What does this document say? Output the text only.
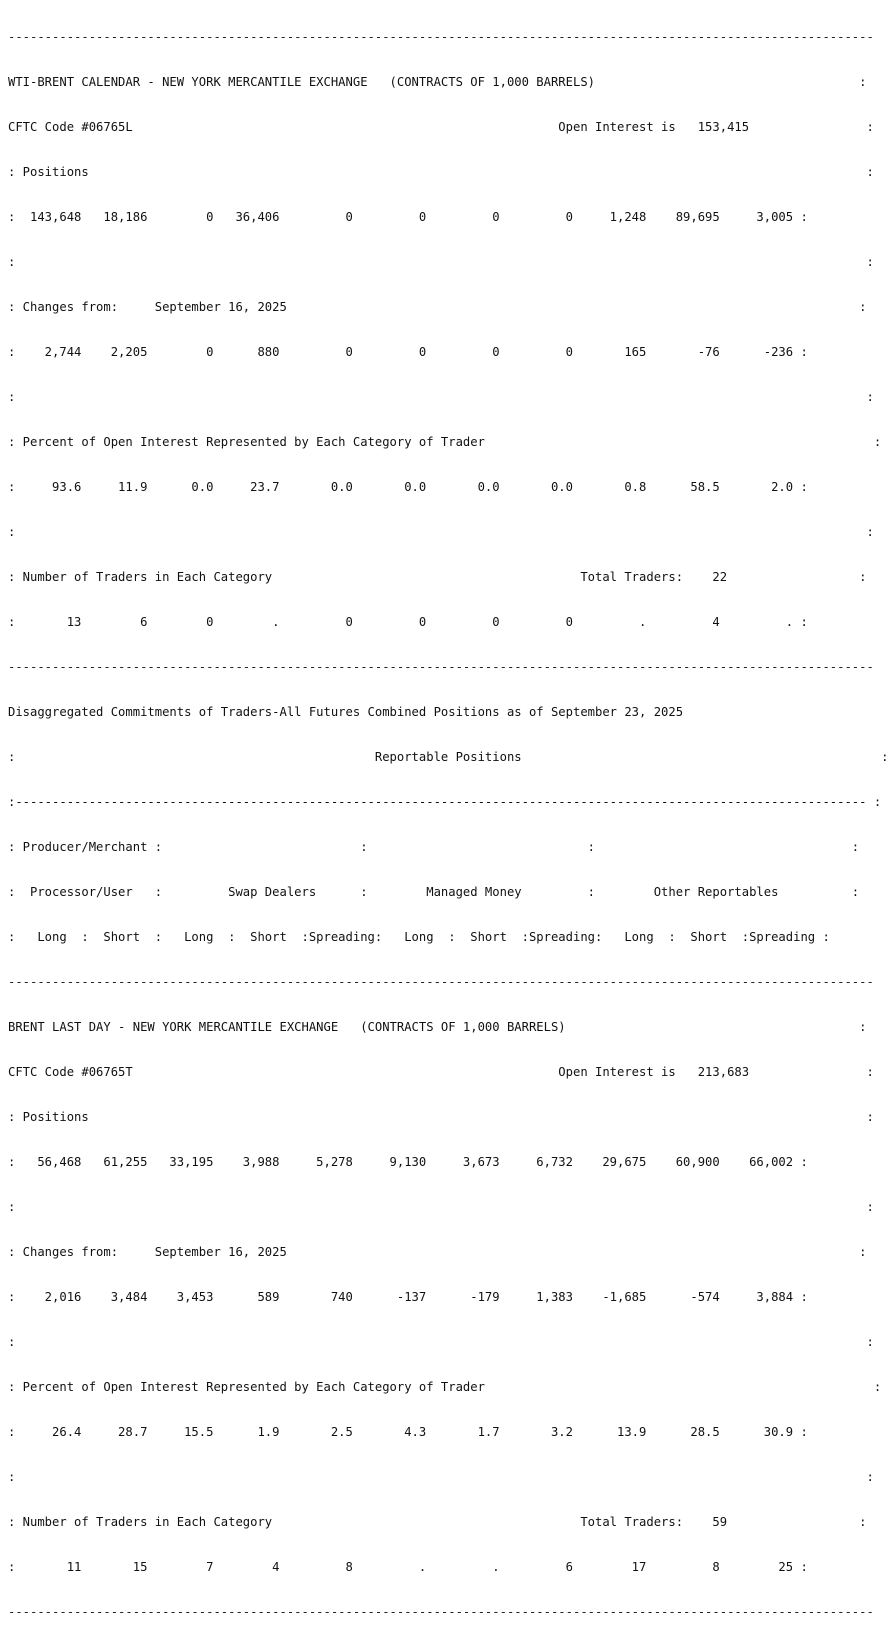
----------------------------------------------------------------------------------------------------------------------

WTI-BRENT CALENDAR - NEW YORK MERCANTILE EXCHANGE   (CONTRACTS OF 1,000 BARRELS)                                    :

CFTC Code #06765L                                                          Open Interest is   153,415                :

: Positions                                                                                                          :

:  143,648   18,186        0   36,406         0         0         0         0     1,248    89,695     3,005 :

:                                                                                                                    :

: Changes from:     September 16, 2025                                                                              :

:    2,744    2,205        0      880         0         0         0         0       165       -76      -236 :

:                                                                                                                    :

: Percent of Open Interest Represented by Each Category of Trader                                                     :

:     93.6     11.9      0.0     23.7       0.0       0.0       0.0       0.0       0.8      58.5       2.0 :

:                                                                                                                    :

: Number of Traders in Each Category                                          Total Traders:    22                  :

:       13        6        0        .         0         0         0         0         .         4         . :

----------------------------------------------------------------------------------------------------------------------

Disaggregated Commitments of Traders-All Futures Combined Positions as of September 23, 2025

:                                                 Reportable Positions                                                 :

:-------------------------------------------------------------------------------------------------------------------- :

: Producer/Merchant :                           :                              :                                   :

:  Processor/User   :         Swap Dealers      :        Managed Money         :        Other Reportables          :

:   Long  :  Short  :   Long  :  Short  :Spreading:   Long  :  Short  :Spreading:   Long  :  Short  :Spreading :

----------------------------------------------------------------------------------------------------------------------

BRENT LAST DAY - NEW YORK MERCANTILE EXCHANGE   (CONTRACTS OF 1,000 BARRELS)                                        :

CFTC Code #06765T                                                          Open Interest is   213,683                :

: Positions                                                                                                          :

:   56,468   61,255   33,195    3,988     5,278     9,130     3,673     6,732    29,675    60,900    66,002 :

:                                                                                                                    :

: Changes from:     September 16, 2025                                                                              :

:    2,016    3,484    3,453      589       740      -137      -179     1,383    -1,685      -574     3,884 :

:                                                                                                                    :

: Percent of Open Interest Represented by Each Category of Trader                                                     :

:     26.4     28.7     15.5      1.9       2.5       4.3       1.7       3.2      13.9      28.5      30.9 :

:                                                                                                                    :

: Number of Traders in Each Category                                          Total Traders:    59                  :

:       11       15        7        4         8         .         .         6        17         8        25 :

----------------------------------------------------------------------------------------------------------------------
